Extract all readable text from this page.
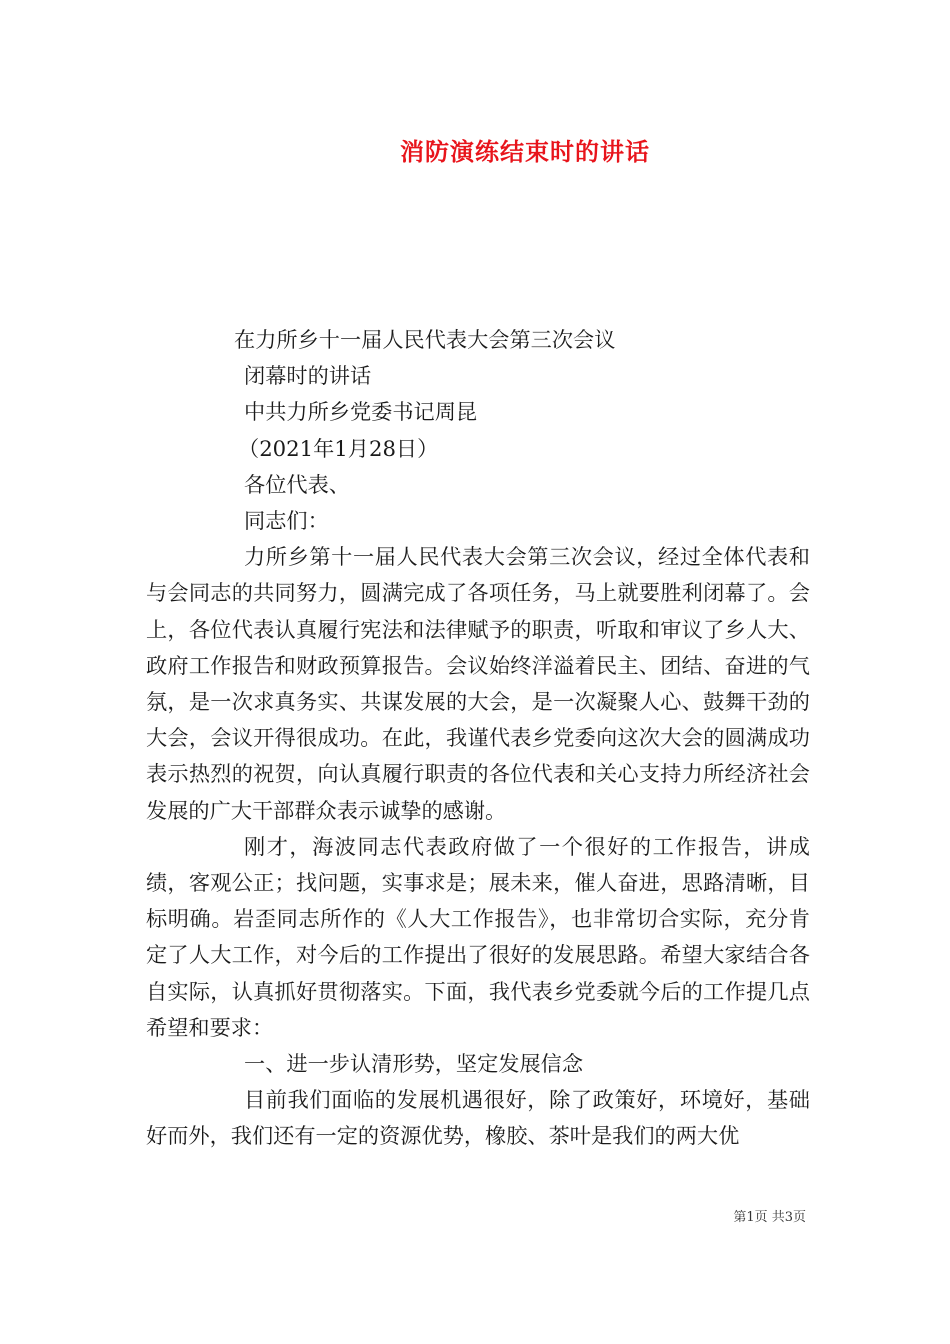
消防演练结束时的讲话
在力所乡十一届人民代表大会第三次会议
闭幕时的讲话
中共力所乡党委书记周昆
（2021年1月28日）
各位代表、
同志们：

力所乡第十一届人民代表大会第三次会议，经过全体代表和与会同志的共同努力，圆满完成了各项任务，马上就要胜利闭幕了。会上，各位代表认真履行宪法和法律赋予的职责，听取和审议了乡人大、政府工作报告和财政预算报告。会议始终洋溢着民主、团结、奋进的气氛，是一次求真务实、共谋发展的大会，是一次凝聚人心、鼓舞干劲的大会，会议开得很成功。在此，我谨代表乡党委向这次大会的圆满成功表示热烈的祝贺，向认真履行职责的各位代表和关心支持力所经济社会发展的广大干部群众表示诚挚的感谢。

刚才，海波同志代表政府做了一个很好的工作报告，讲成绩，客观公正；找问题，实事求是；展未来，催人奋进，思路清晰，目标明确。岩歪同志所作的《人大工作报告》，也非常切合实际，充分肯定了人大工作，对今后的工作提出了很好的发展思路。希望大家结合各自实际，认真抓好贯彻落实。下面，我代表乡党委就今后的工作提几点希望和要求：

一、进一步认清形势，坚定发展信念

目前我们面临的发展机遇很好，除了政策好，环境好，基础好而外，我们还有一定的资源优势，橡胶、茶叶是我们的两大优

第1页 共3页
